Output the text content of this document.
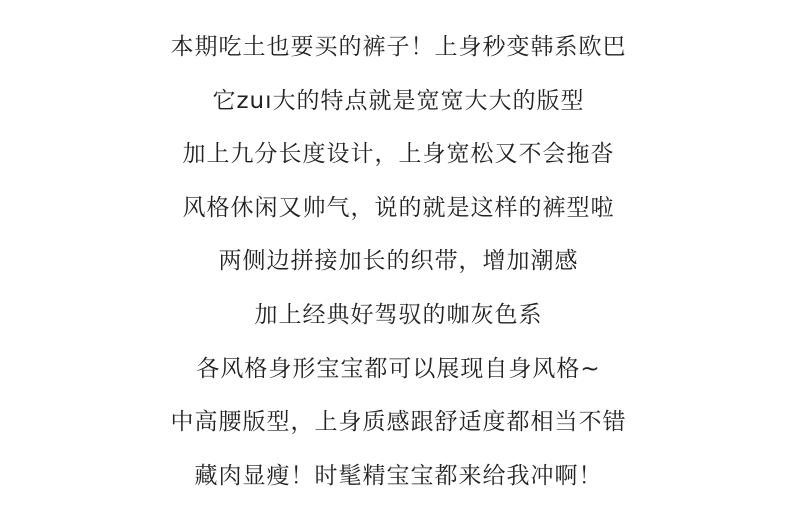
本期吃土也要买的裤子！上身秒变韩系欧巴
它zuı大的特点就是宽宽大大的版型
加上九分长度设计，上身宽松又不会拖沓
风格休闲又帅气，说的就是这样的裤型啦
两侧边拼接加长的织带，增加潮感
加上经典好驾驭的咖灰色系
各风格身形宝宝都可以展现自身风格~
中高腰版型，上身质感跟舒适度都相当不错
藏肉显瘦！时髦精宝宝都来给我冲啊！
